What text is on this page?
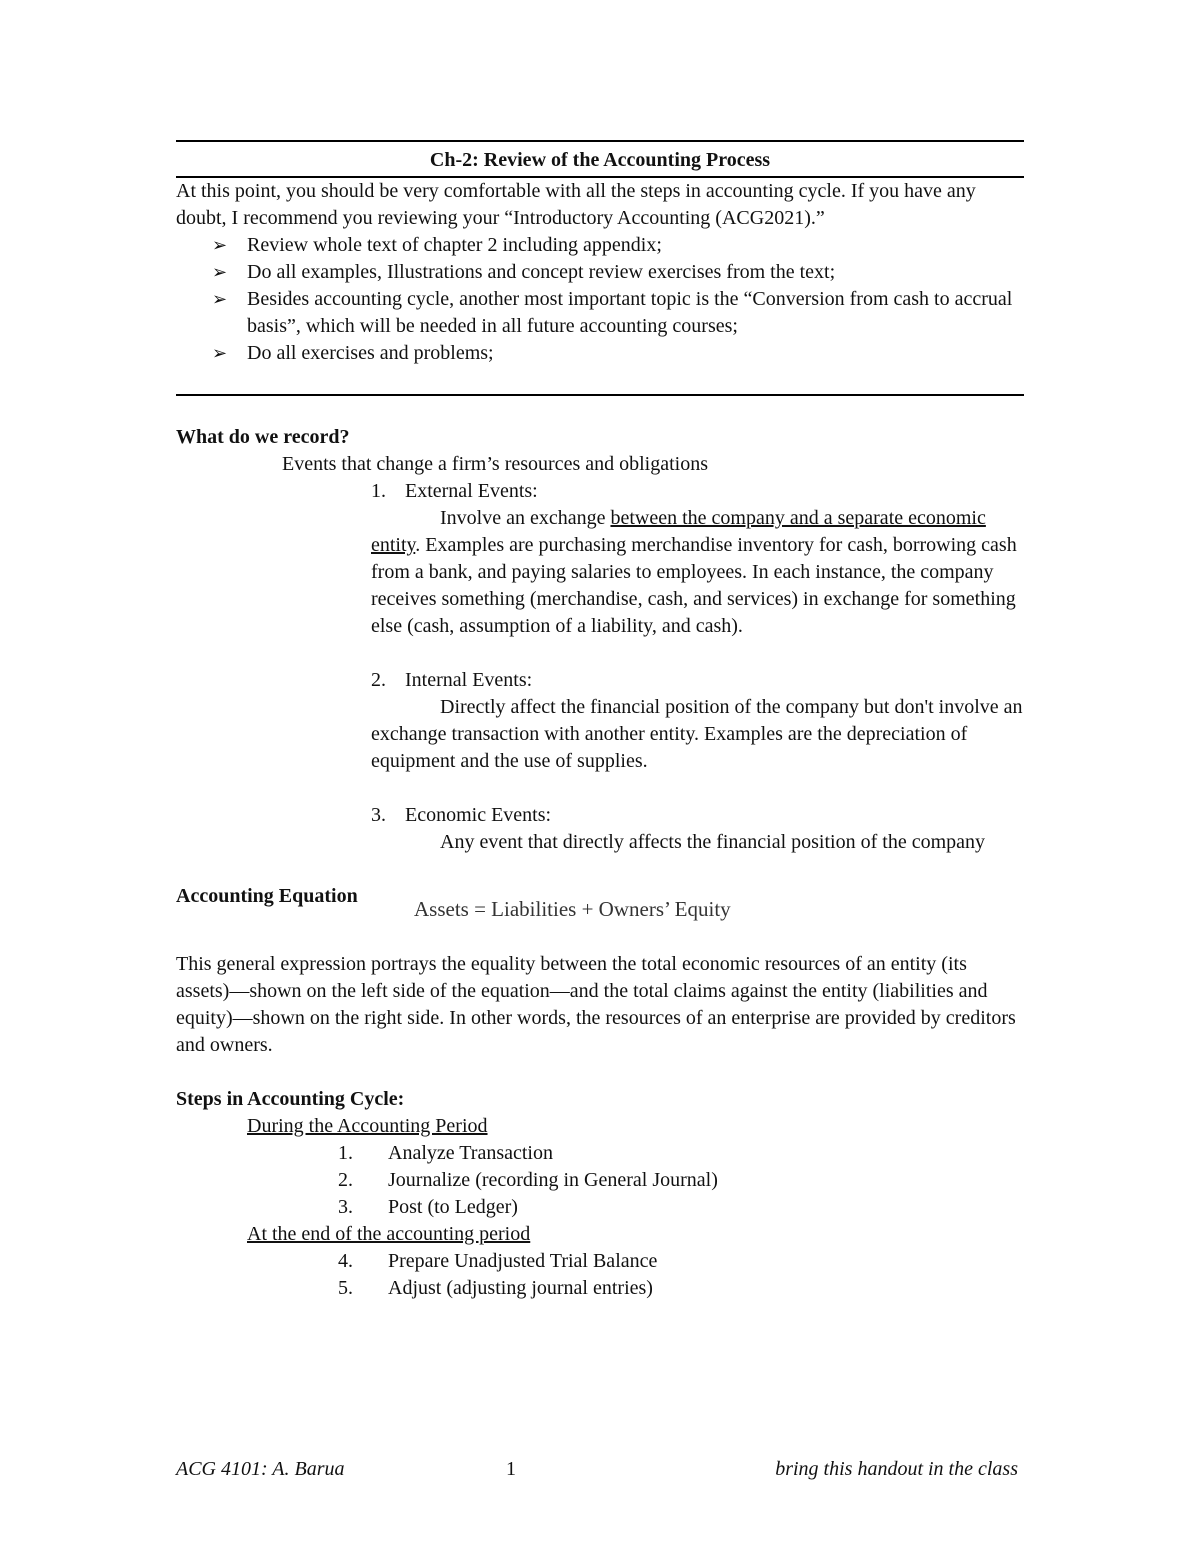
Ch-2: Review of the Accounting Process

At this point, you should be very comfortable with all the steps in accounting cycle. If you have any doubt, I recommend you reviewing your “Introductory Accounting (ACG2021).”

➢ Review whole text of chapter 2 including appendix;
➢ Do all examples, Illustrations and concept review exercises from the text;
➢ Besides accounting cycle, another most important topic is the “Conversion from cash to accrual basis”, which will be needed in all future accounting courses;
➢ Do all exercises and problems;
What do we record?
Events that change a firm’s resources and obligations
1. External Events:
Involve an exchange between the company and a separate economic entity. Examples are purchasing merchandise inventory for cash, borrowing cash from a bank, and paying salaries to employees. In each instance, the company receives something (merchandise, cash, and services) in exchange for something else (cash, assumption of a liability, and cash).
2. Internal Events:
Directly affect the financial position of the company but don't involve an exchange transaction with another entity. Examples are the depreciation of equipment and the use of supplies.
3. Economic Events:
Any event that directly affects the financial position of the company
Accounting Equation
Assets = Liabilities + Owners’ Equity

This general expression portrays the equality between the total economic resources of an entity (its assets)—shown on the left side of the equation—and the total claims against the entity (liabilities and equity)—shown on the right side. In other words, the resources of an enterprise are provided by creditors and owners.

Steps in Accounting Cycle:
During the Accounting Period
1. Analyze Transaction
2. Journalize (recording in General Journal)
3. Post (to Ledger)
At the end of the accounting period
4. Prepare Unadjusted Trial Balance
5. Adjust (adjusting journal entries)
ACG 4101: A. Barua	1	bring this handout in the class
